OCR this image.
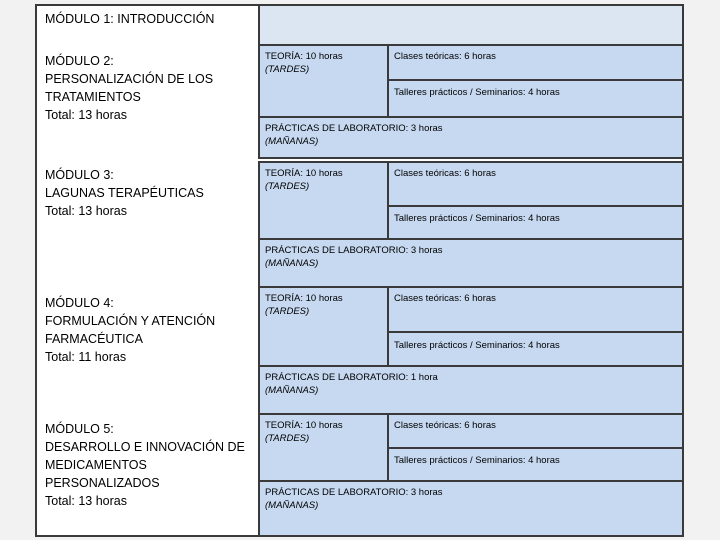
MÓDULO 1: INTRODUCCIÓN
MÓDULO 2:
PERSONALIZACIÓN DE LOS
TRATAMIENTOS
Total: 13 horas
TEORÍA: 10 horas
(TARDES)
Clases teóricas: 6 horas
Talleres prácticos / Seminarios: 4 horas
PRÁCTICAS DE LABORATORIO: 3 horas
(MAÑANAS)
MÓDULO 3:
LAGUNAS TERAPÉUTICAS
Total: 13 horas
TEORÍA: 10 horas
(TARDES)
Clases teóricas: 6 horas
Talleres prácticos / Seminarios: 4 horas
PRÁCTICAS DE LABORATORIO: 3 horas
(MAÑANAS)
MÓDULO 4:
FORMULACIÓN Y ATENCIÓN
FARMACÉUTICA
Total: 11 horas
TEORÍA: 10 horas
(TARDES)
Clases teóricas: 6 horas
Talleres prácticos / Seminarios: 4 horas
PRÁCTICAS DE LABORATORIO: 1 hora
(MAÑANAS)
MÓDULO 5:
DESARROLLO E INNOVACIÓN DE
MEDICAMENTOS PERSONALIZADOS
Total: 13 horas
TEORÍA: 10 horas
(TARDES)
Clases teóricas: 6 horas
Talleres prácticos / Seminarios: 4 horas
PRÁCTICAS DE LABORATORIO: 3 horas
(MAÑANAS)
